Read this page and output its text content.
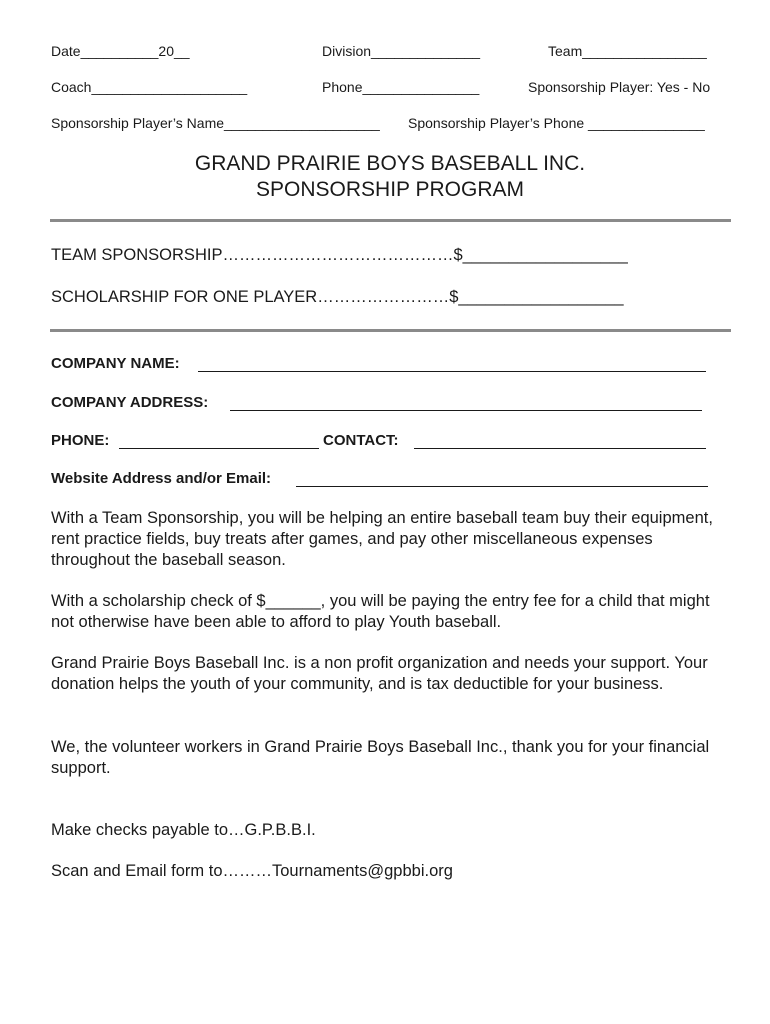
Date__________20__	Division______________	Team________________
Coach____________________	Phone_______________	Sponsorship Player: Yes - No
Sponsorship Player’s Name____________________ Sponsorship Player’s Phone _______________
GRAND PRAIRIE BOYS BASEBALL INC.
SPONSORSHIP PROGRAM
TEAM SPONSORSHIP……………………………………$__________________
SCHOLARSHIP FOR ONE PLAYER……………………$__________________
COMPANY NAME:
COMPANY ADDRESS:
PHONE:	CONTACT:
Website Address and/or Email:
With a Team Sponsorship, you will be helping an entire baseball team buy their equipment, rent practice fields, buy treats after games, and pay other miscellaneous expenses throughout the baseball season.
With a scholarship check of $______, you will be paying the entry fee for a child that might not otherwise have been able to afford to play Youth baseball.
Grand Prairie Boys Baseball Inc. is a non profit organization and needs your support. Your donation helps the youth of your community, and is tax deductible for your business.
We, the volunteer workers in Grand Prairie Boys Baseball Inc., thank you for your financial support.
Make checks payable to…G.P.B.B.I.
Scan and Email form to………Tournaments@gpbbi.org
